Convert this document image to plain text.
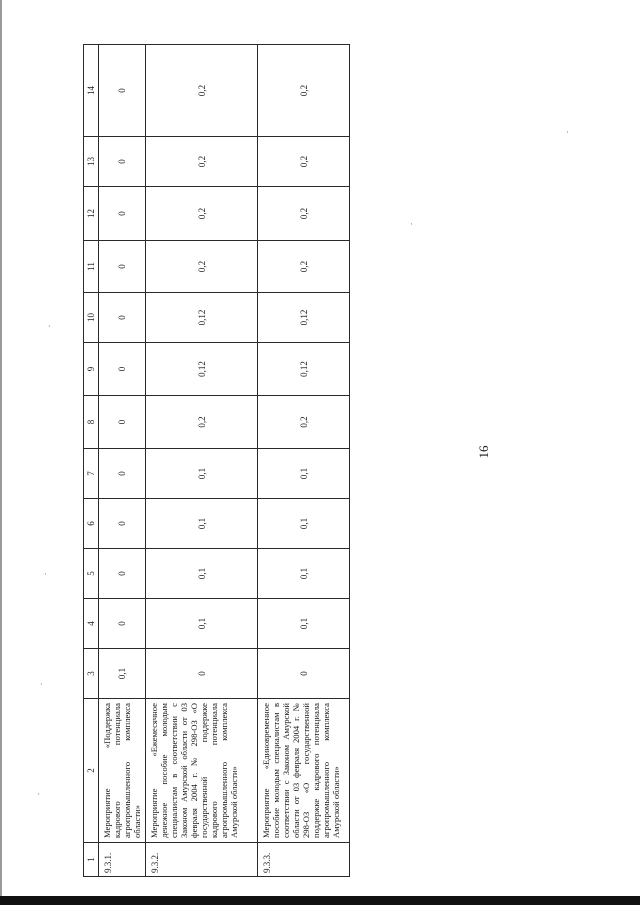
·
·
·
·
·
·
16
1	2	3	4	5	6	7	8	9	10	11	12	13	14
9.3.1.	Мероприятие «Поддержка кадрового потенциала агропромышленного комплекса области»	0,1	0	0	0	0	0	0	0	0	0	0	0
9.3.2.	Мероприятие «Ежемесячное денежное пособие молодым специалистам в соответствии с Законом Амурской области от 03 февраля 2004 г. № 298-ОЗ «О государственной поддержке кадрового потенциала агропромышленного комплекса Амурской области»	0	0,1	0,1	0,1	0,1	0,2	0,12	0,12	0,2	0,2	0,2	0,2
9.3.3.	Мероприятие «Единовременное пособие молодым специалистам в соответствии с Законом Амурской области от 03 февраля 2004 г. № 298-ОЗ «О государственной поддержке кадрового потенциала агропромышленного комплекса Амурской области»	0	0,1	0,1	0,1	0,1	0,2	0,12	0,12	0,2	0,2	0,2	0,2
